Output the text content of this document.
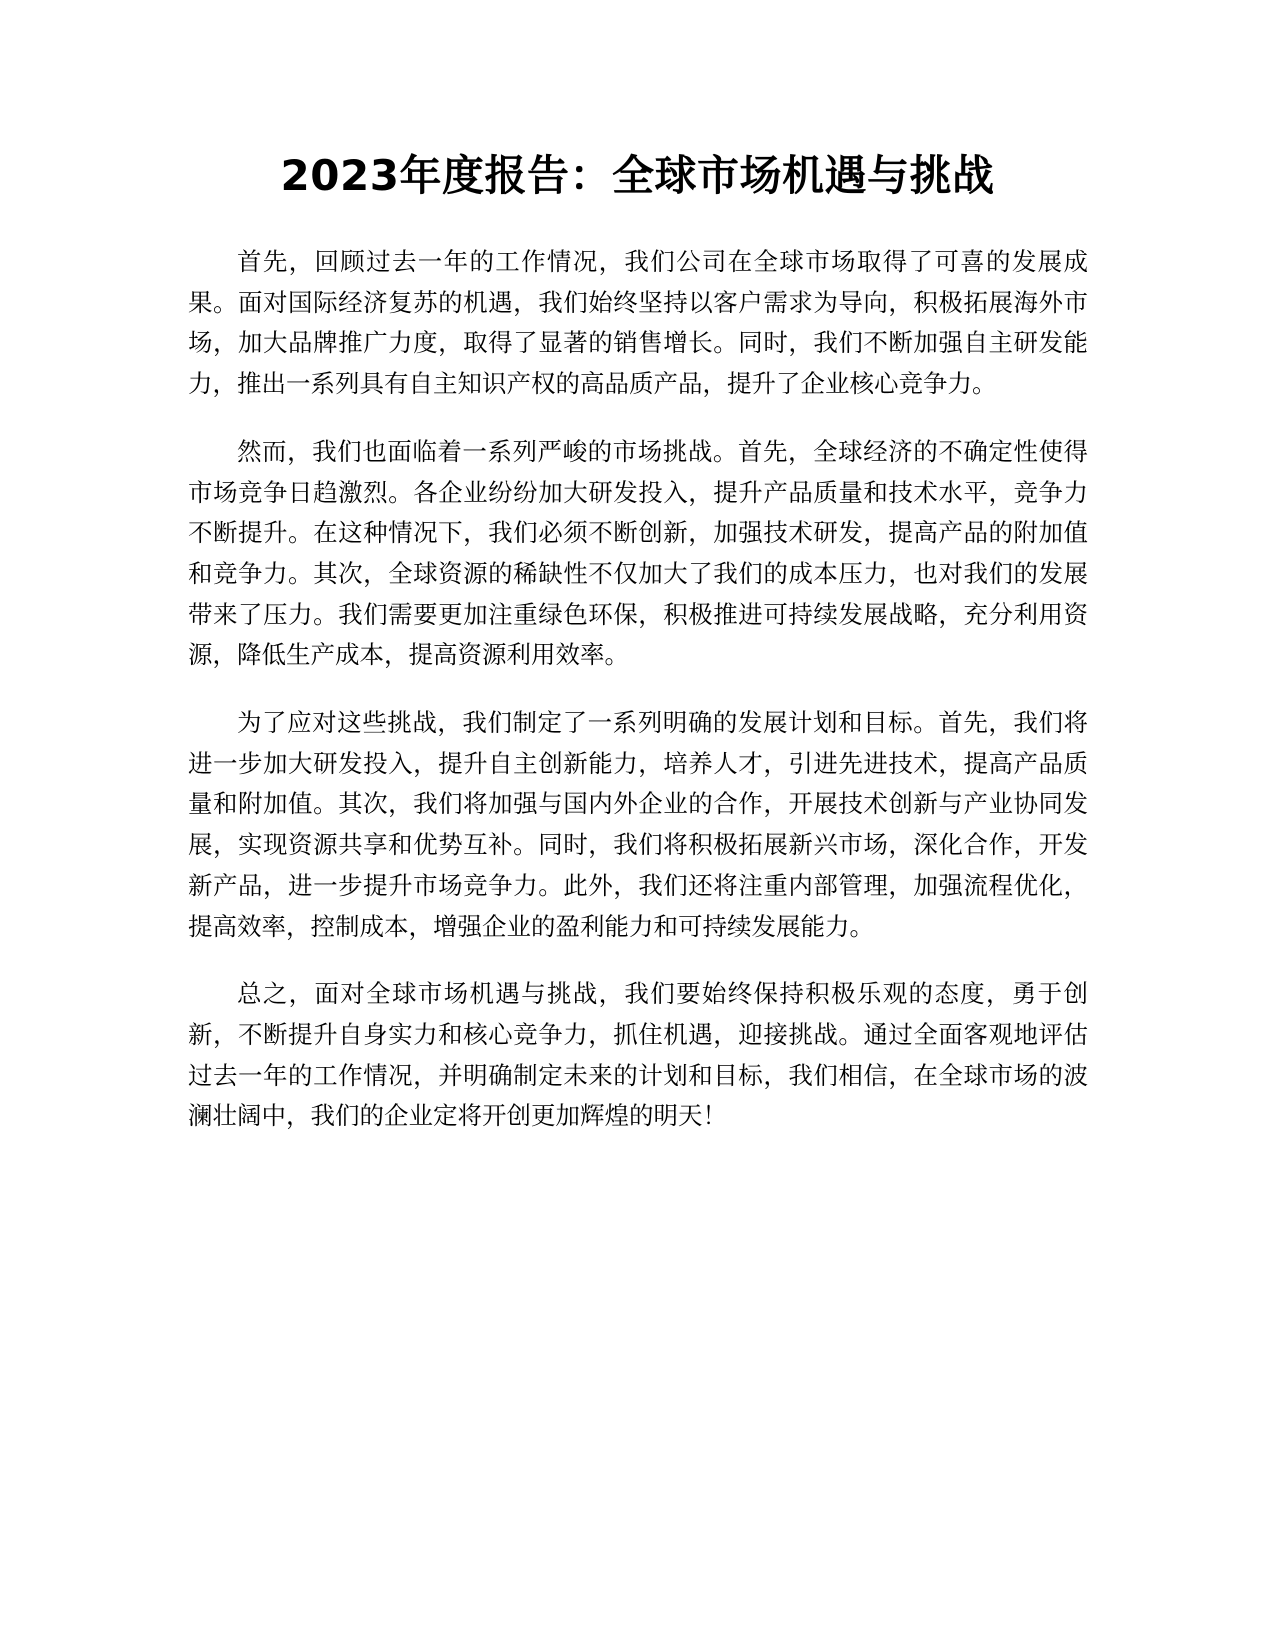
2023年度报告：全球市场机遇与挑战

首先，回顾过去一年的工作情况，我们公司在全球市场取得了可喜的发展成果。面对国际经济复苏的机遇，我们始终坚持以客户需求为导向，积极拓展海外市场，加大品牌推广力度，取得了显著的销售增长。同时，我们不断加强自主研发能力，推出一系列具有自主知识产权的高品质产品，提升了企业核心竞争力。

然而，我们也面临着一系列严峻的市场挑战。首先，全球经济的不确定性使得市场竞争日趋激烈。各企业纷纷加大研发投入，提升产品质量和技术水平，竞争力不断提升。在这种情况下，我们必须不断创新，加强技术研发，提高产品的附加值和竞争力。其次，全球资源的稀缺性不仅加大了我们的成本压力，也对我们的发展带来了压力。我们需要更加注重绿色环保，积极推进可持续发展战略，充分利用资源，降低生产成本，提高资源利用效率。

为了应对这些挑战，我们制定了一系列明确的发展计划和目标。首先，我们将进一步加大研发投入，提升自主创新能力，培养人才，引进先进技术，提高产品质量和附加值。其次，我们将加强与国内外企业的合作，开展技术创新与产业协同发展，实现资源共享和优势互补。同时，我们将积极拓展新兴市场，深化合作，开发新产品，进一步提升市场竞争力。此外，我们还将注重内部管理，加强流程优化，提高效率，控制成本，增强企业的盈利能力和可持续发展能力。

总之，面对全球市场机遇与挑战，我们要始终保持积极乐观的态度，勇于创新，不断提升自身实力和核心竞争力，抓住机遇，迎接挑战。通过全面客观地评估过去一年的工作情况，并明确制定未来的计划和目标，我们相信，在全球市场的波澜壮阔中，我们的企业定将开创更加辉煌的明天！
